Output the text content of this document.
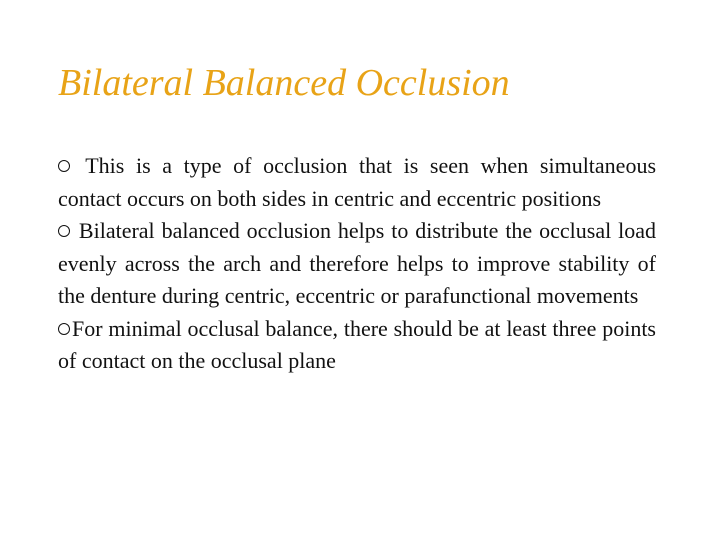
Bilateral Balanced Occlusion

This is a type of occlusion that is seen when simultaneous contact occurs on both sides in centric and eccentric positions

Bilateral balanced occlusion helps to distribute the occlusal load evenly across the arch and therefore helps to improve stability of the denture during centric, eccentric or parafunctional movements

For minimal occlusal balance, there should be at least three points of contact on the occlusal plane
